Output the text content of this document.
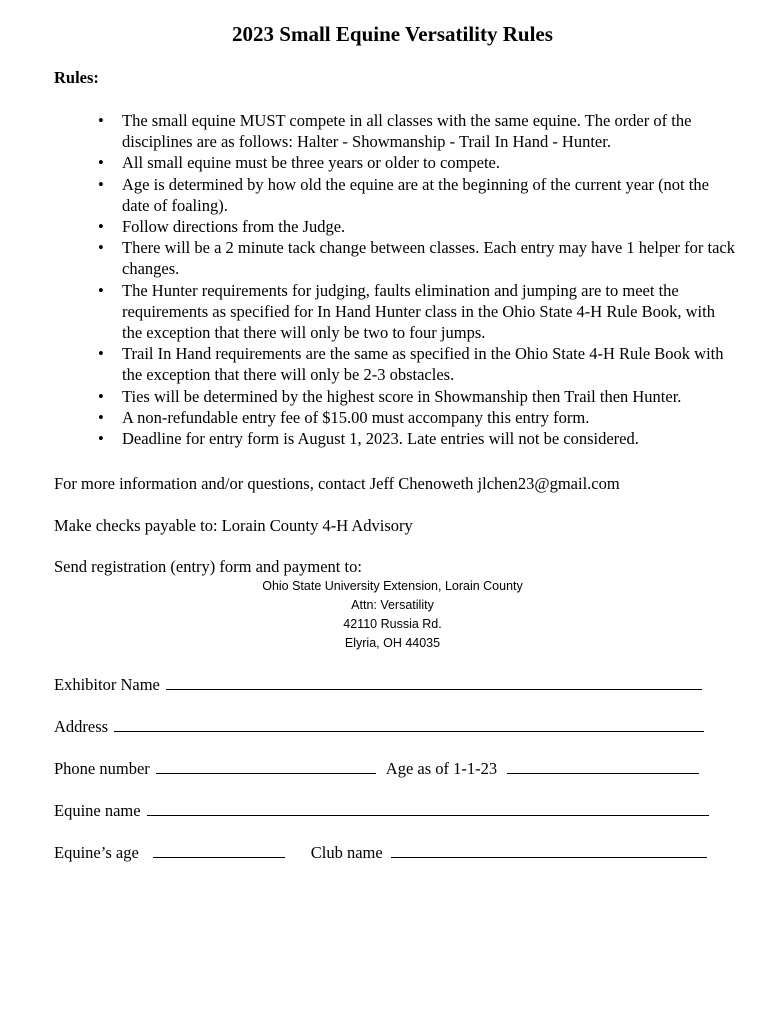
2023 Small Equine Versatility Rules
Rules:
• The small equine MUST compete in all classes with the same equine. The order of the disciplines are as follows: Halter - Showmanship - Trail In Hand - Hunter.
• All small equine must be three years or older to compete.
• Age is determined by how old the equine are at the beginning of the current year (not the date of foaling).
• Follow directions from the Judge.
• There will be a 2 minute tack change between classes. Each entry may have 1 helper for tack changes.
• The Hunter requirements for judging, faults elimination and jumping are to meet the requirements as specified for In Hand Hunter class in the Ohio State 4-H Rule Book, with the exception that there will only be two to four jumps.
• Trail In Hand requirements are the same as specified in the Ohio State 4-H Rule Book with the exception that there will only be 2-3 obstacles.
• Ties will be determined by the highest score in Showmanship then Trail then Hunter.
• A non-refundable entry fee of $15.00 must accompany this entry form.
• Deadline for entry form is August 1, 2023. Late entries will not be considered.
For more information and/or questions, contact Jeff Chenoweth jlchen23@gmail.com
Make checks payable to: Lorain County 4-H Advisory
Send registration (entry) form and payment to:
Ohio State University Extension, Lorain County
Attn: Versatility
42110 Russia Rd.
Elyria, OH 44035
Exhibitor Name
Address
Phone number	Age as of 1-1-23
Equine name
Equine’s age	Club name
